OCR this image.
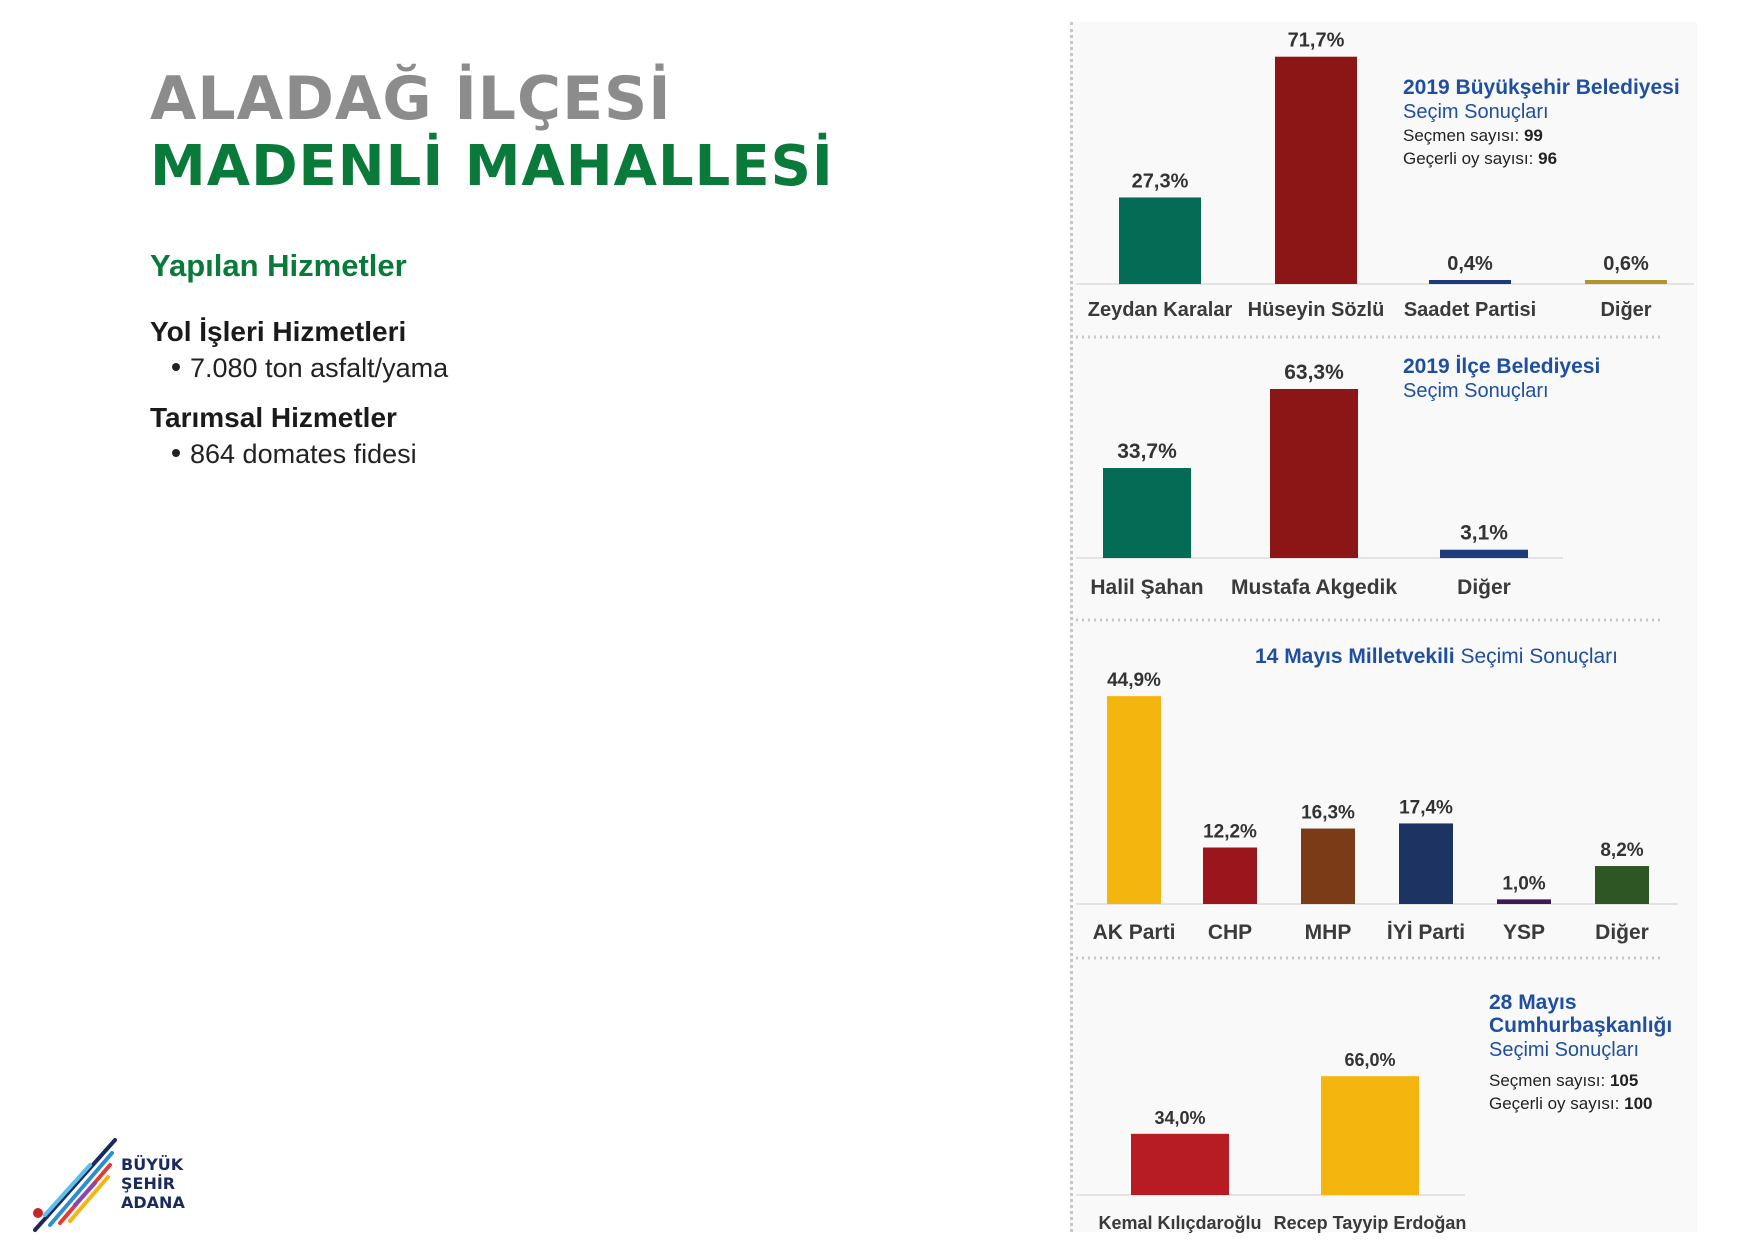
ALADAĞ İLÇESİ
MADENLİ MAHALLESİ
Yapılan Hizmetler
Yol İşleri Hizmetleri
7.080 ton asfalt/yama
Tarımsal Hizmetler
864 domates fidesi
27,3%
Zeydan Karalar
71,7%
Hüseyin Sözlü
0,4%
Saadet Partisi
0,6%
Diğer
2019 Büyükşehir Belediyesi
Seçim Sonuçları
Seçmen sayısı: 99
Geçerli oy sayısı: 96
33,7%
Halil Şahan
63,3%
Mustafa Akgedik
3,1%
Diğer
2019 İlçe Belediyesi
Seçim Sonuçları
44,9%
AK Parti
12,2%
CHP
16,3%
MHP
17,4%
İYİ Parti
1,0%
YSP
8,2%
Diğer
14 Mayıs Milletvekili Seçimi Sonuçları
34,0%
Kemal Kılıçdaroğlu
66,0%
Recep Tayyip Erdoğan
28 Mayıs
Cumhurbaşkanlığı
Seçimi Sonuçları
Seçmen sayısı: 105
Geçerli oy sayısı: 100
BÜYÜK
ŞEHİR
ADANA
